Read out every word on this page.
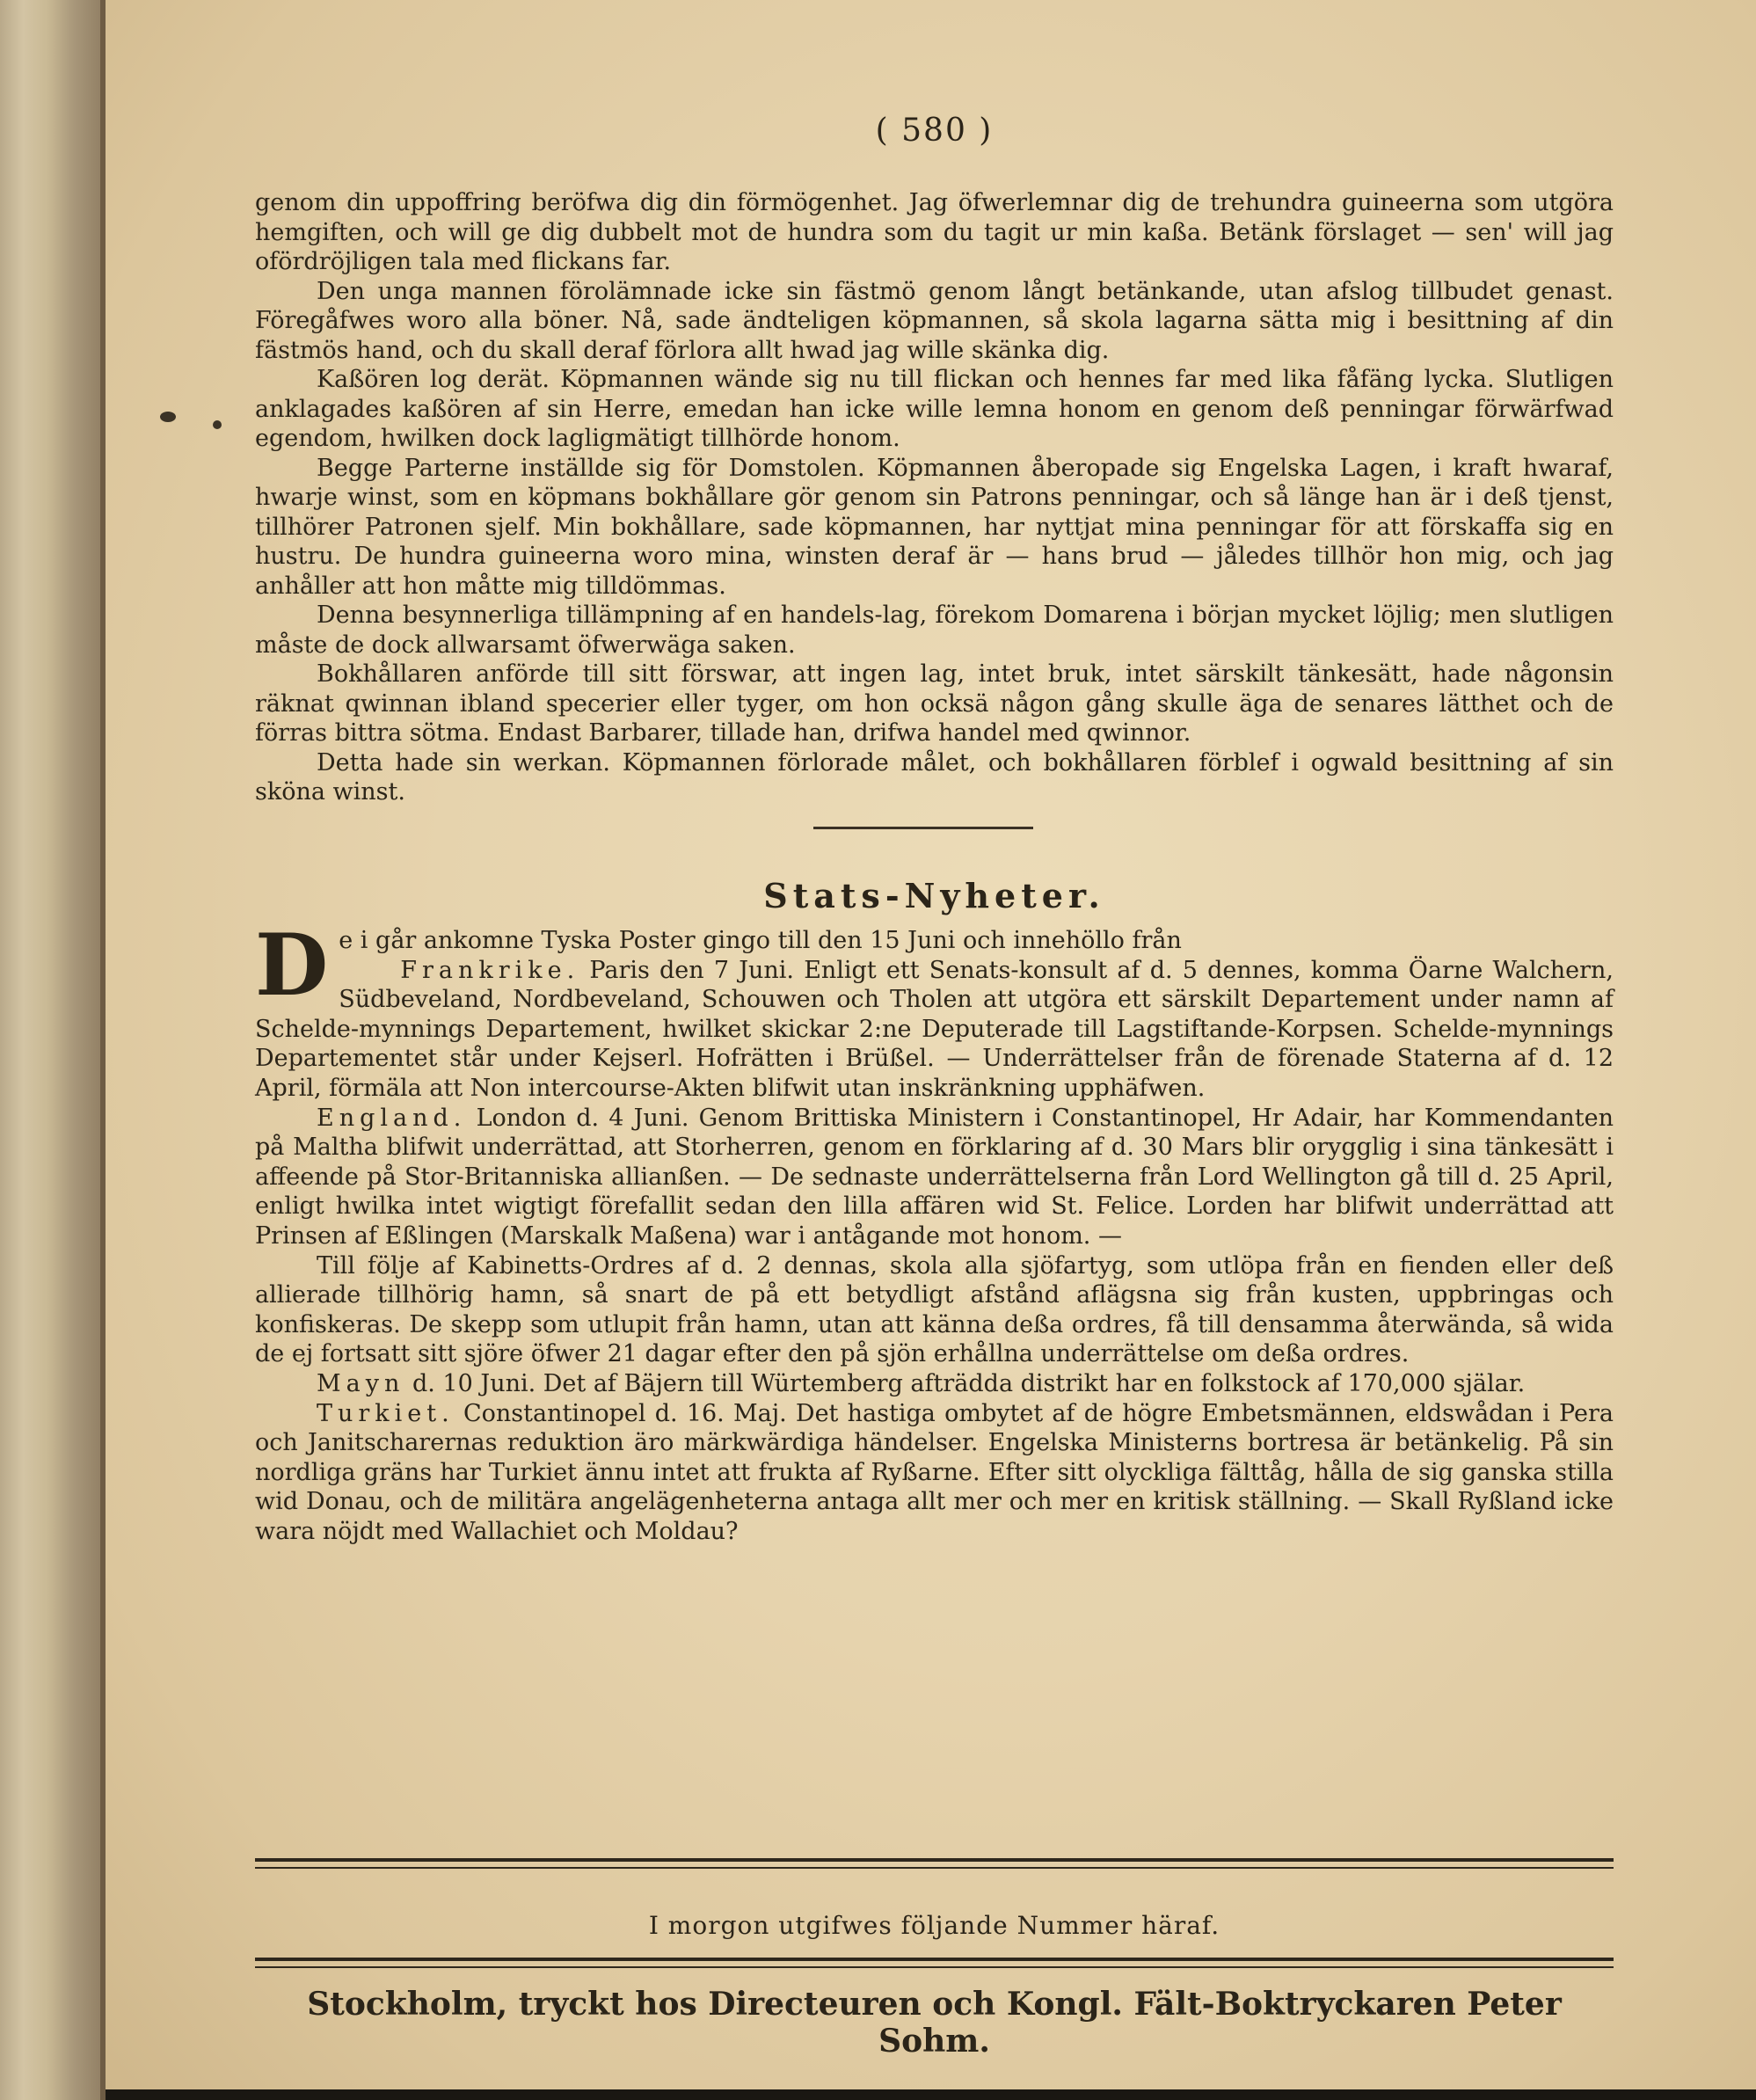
( 580 )

genom din uppoffring beröfwa dig din förmögenhet. Jag öfwerlemnar dig de trehundra guineerna som utgöra hemgiften, och will ge dig dubbelt mot de hundra som du tagit ur min kaßa. Betänk förslaget — sen' will jag ofördröjligen tala med flickans far.

Den unga mannen förolämnade icke sin fästmö genom långt betänkande, utan afslog tillbudet genast. Föregåfwes woro alla böner. Nå, sade ändteligen köpmannen, så skola lagarna sätta mig i besittning af din fästmös hand, och du skall deraf förlora allt hwad jag wille skänka dig.

Kaßören log derät. Köpmannen wände sig nu till flickan och hennes far med lika fåfäng lycka. Slutligen anklagades kaßören af sin Herre, emedan han icke wille lemna honom en genom deß penningar förwärfwad egendom, hwilken dock lagligmätigt tillhörde honom.

Begge Parterne inställde sig för Domstolen. Köpmannen åberopade sig Engelska Lagen, i kraft hwaraf, hwarje winst, som en köpmans bokhållare gör genom sin Patrons penningar, och så länge han är i deß tjenst, tillhörer Patronen sjelf. Min bokhållare, sade köpmannen, har nyttjat mina penningar för att förskaffa sig en hustru. De hundra guineerna woro mina, winsten deraf är — hans brud — jåledes tillhör hon mig, och jag anhåller att hon måtte mig tilldömmas.

Denna besynnerliga tillämpning af en handels-lag, förekom Domarena i början mycket löjlig; men slutligen måste de dock allwarsamt öfwerwäga saken.

Bokhållaren anförde till sitt förswar, att ingen lag, intet bruk, intet särskilt tänkesätt, hade någonsin räknat qwinnan ibland specerier eller tyger, om hon ocksä någon gång skulle äga de senares lätthet och de förras bittra sötma. Endast Barbarer, tillade han, drifwa handel med qwinnor.

Detta hade sin werkan. Köpmannen förlorade målet, och bokhållaren förblef i ogwald besittning af sin sköna winst.

Stats-Nyheter.

De i går ankomne Tyska Poster gingo till den 15 Juni och innehöllo från

Frankrike. Paris den 7 Juni. Enligt ett Senats-konsult af d. 5 dennes, komma Öarne Walchern, Südbeveland, Nordbeveland, Schouwen och Tholen att utgöra ett särskilt Departement under namn af Schelde-mynnings Departement, hwilket skickar 2:ne Deputerade till Lagstiftande-Korpsen. Schelde-mynnings Departementet står under Kejserl. Hofrätten i Brüßel. — Underrättelser från de förenade Staterna af d. 12 April, förmäla att Non intercourse-Akten blifwit utan inskränkning upphäfwen.

England. London d. 4 Juni. Genom Brittiska Ministern i Constantinopel, Hr Adair, har Kommendanten på Maltha blifwit underrättad, att Storherren, genom en förklaring af d. 30 Mars blir orygglig i sina tänkesätt i affeende på Stor-Britanniska allianßen. — De sednaste underrättelserna från Lord Wellington gå till d. 25 April, enligt hwilka intet wigtigt förefallit sedan den lilla affären wid St. Felice. Lorden har blifwit underrättad att Prinsen af Eßlingen (Marskalk Maßena) war i antågande mot honom. —

Till följe af Kabinetts-Ordres af d. 2 dennas, skola alla sjöfartyg, som utlöpa från en fienden eller deß allierade tillhörig hamn, så snart de på ett betydligt afstånd aflägsna sig från kusten, uppbringas och konfiskeras. De skepp som utlupit från hamn, utan att känna deßa ordres, få till densamma återwända, så wida de ej fortsatt sitt sjöre öfwer 21 dagar efter den på sjön erhållna underrättelse om deßa ordres.

Mayn d. 10 Juni. Det af Bäjern till Würtemberg afträdda distrikt har en folkstock af 170,000 själar.

Turkiet. Constantinopel d. 16. Maj. Det hastiga ombytet af de högre Embetsmännen, eldswådan i Pera och Janitscharernas reduktion äro märkwärdiga händelser. Engelska Ministerns bortresa är betänkelig. På sin nordliga gräns har Turkiet ännu intet att frukta af Ryßarne. Efter sitt olyckliga fälttåg, hålla de sig ganska stilla wid Donau, och de militära angelägenheterna antaga allt mer och mer en kritisk ställning. — Skall Ryßland icke wara nöjdt med Wallachiet och Moldau?

I morgon utgifwes följande Nummer häraf.
Stockholm, tryckt hos Directeuren och Kongl. Fält-Boktryckaren Peter Sohm.
